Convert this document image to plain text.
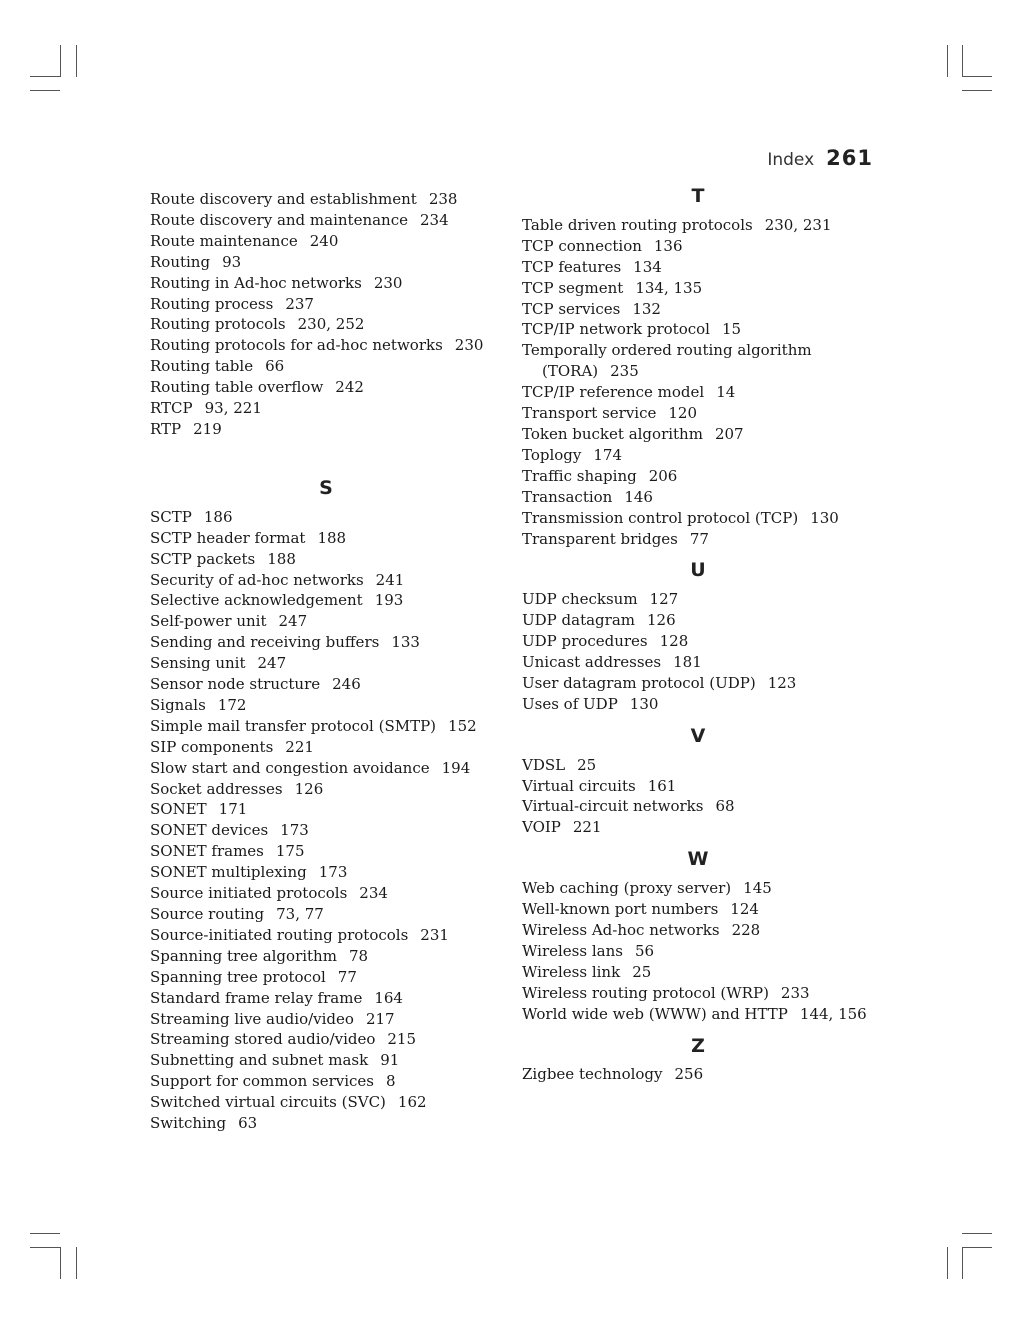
Index 261
Route discovery and establishment 238
Route discovery and maintenance 234
Route maintenance 240
Routing 93
Routing in Ad-hoc networks 230
Routing process 237
Routing protocols 230, 252
Routing protocols for ad-hoc networks 230
Routing table 66
Routing table overflow 242
RTCP 93, 221
RTP 219
S
SCTP 186
SCTP header format 188
SCTP packets 188
Security of ad-hoc networks 241
Selective acknowledgement 193
Self-power unit 247
Sending and receiving buffers 133
Sensing unit 247
Sensor node structure 246
Signals 172
Simple mail transfer protocol (SMTP) 152
SIP components 221
Slow start and congestion avoidance 194
Socket addresses 126
SONET 171
SONET devices 173
SONET frames 175
SONET multiplexing 173
Source initiated protocols 234
Source routing 73, 77
Source-initiated routing protocols 231
Spanning tree algorithm 78
Spanning tree protocol 77
Standard frame relay frame 164
Streaming live audio/video 217
Streaming stored audio/video 215
Subnetting and subnet mask 91
Support for common services 8
Switched virtual circuits (SVC) 162
Switching 63
T
Table driven routing protocols 230, 231
TCP connection 136
TCP features 134
TCP segment 134, 135
TCP services 132
TCP/IP network protocol 15
Temporally ordered routing algorithm (TORA) 235
TCP/IP reference model 14
Transport service 120
Token bucket algorithm 207
Toplogy 174
Traffic shaping 206
Transaction 146
Transmission control protocol (TCP) 130
Transparent bridges 77
U
UDP checksum 127
UDP datagram 126
UDP procedures 128
Unicast addresses 181
User datagram protocol (UDP) 123
Uses of UDP 130
V
VDSL 25
Virtual circuits 161
Virtual-circuit networks 68
VOIP 221
W
Web caching (proxy server) 145
Well-known port numbers 124
Wireless Ad-hoc networks 228
Wireless lans 56
Wireless link 25
Wireless routing protocol (WRP) 233
World wide web (WWW) and HTTP 144, 156
Z
Zigbee technology 256
